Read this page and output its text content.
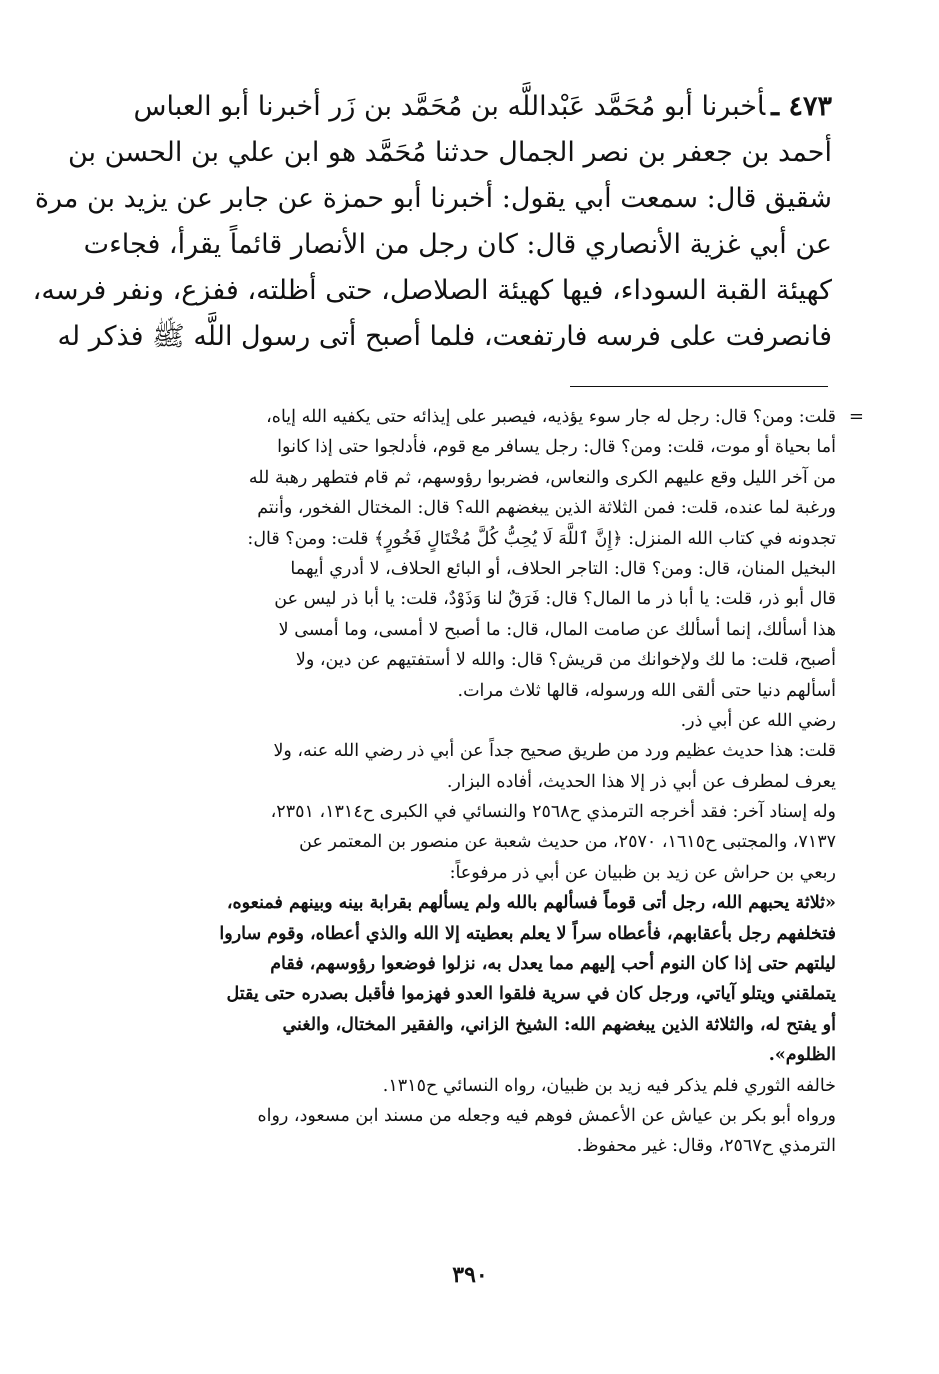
٤٧٣ ـأخبرنا أبو مُحَمَّد عَبْداللَّه بن مُحَمَّد بن زَر أخبرنا أبو العباس
أحمد بن جعفر بن نصر الجمال حدثنا مُحَمَّد هو ابن علي بن الحسن بن
شقيق قال: سمعت أبي يقول: أخبرنا أبو حمزة عن جابر عن يزيد بن مرة
عن أبي غزية الأنصاري قال: كان رجل من الأنصار قائماً يقرأ، فجاءت
كهيئة القبة السوداء، فيها كهيئة الصلاصل، حتى أظلته، ففزع، ونفر فرسه،
فانصرفت على فرسه فارتفعت، فلما أصبح أتى رسول اللَّه ﷺ فذكر له
=
قلت: ومن؟ قال: رجل له جار سوء يؤذيه، فيصبر على إيذائه حتى يكفيه الله إياه،
أما بحياة أو موت، قلت: ومن؟ قال: رجل يسافر مع قوم، فأدلجوا حتى إذا كانوا
من آخر الليل وقع عليهم الكرى والنعاس، فضربوا رؤوسهم، ثم قام فتطهر رهبة لله
ورغبة لما عنده، قلت: فمن الثلاثة الذين يبغضهم الله؟ قال: المختال الفخور، وأنتم
تجدونه في كتاب الله المنزل: ﴿إِنَّ ٱللَّهَ لَا يُحِبُّ كُلَّ مُخْتَالٍ فَخُورٍ﴾ قلت: ومن؟ قال:
البخيل المنان، قال: ومن؟ قال: التاجر الحلاف، أو البائع الحلاف، لا أدري أيهما
قال أبو ذر، قلت: يا أبا ذر ما المال؟ قال: فَرَقٌ لنا وَذَوْدٌ، قلت: يا أبا ذر ليس عن
هذا أسألك، إنما أسألك عن صامت المال، قال: ما أصبح لا أمسى، وما أمسى لا
أصبح، قلت: ما لك ولإخوانك من قريش؟ قال: والله لا أستفتيهم عن دين، ولا
أسألهم دنيا حتى ألقى الله ورسوله، قالها ثلاث مرات.
رضي الله عن أبي ذر.
قلت: هذا حديث عظيم ورد من طريق صحيح جداً عن أبي ذر رضي الله عنه، ولا
يعرف لمطرف عن أبي ذر إلا هذا الحديث، أفاده البزار.
وله إسناد آخر: فقد أخرجه الترمذي ح٢٥٦٨ والنسائي في الكبرى ح١٣١٤، ٢٣٥١،
٧١٣٧، والمجتبى ح١٦١٥، ٢٥٧٠، من حديث شعبة عن منصور بن المعتمر عن
ربعي بن حراش عن زيد بن ظبيان عن أبي ذر مرفوعاً:
«ثلاثة يحبهم الله، رجل أتى قوماً فسألهم بالله ولم يسألهم بقرابة بينه وبينهم فمنعوه،
فتخلفهم رجل بأعقابهم، فأعطاه سراً لا يعلم بعطيته إلا الله والذي أعطاه، وقوم ساروا
ليلتهم حتى إذا كان النوم أحب إليهم مما يعدل به، نزلوا فوضعوا رؤوسهم، فقام
يتملقني ويتلو آياتي، ورجل كان في سرية فلقوا العدو فهزموا فأقبل بصدره حتى يقتل
أو يفتح له، والثلاثة الذين يبغضهم الله: الشيخ الزاني، والفقير المختال، والغني
الظلوم».
خالفه الثوري فلم يذكر فيه زيد بن ظبيان، رواه النسائي ح١٣١٥.
ورواه أبو بكر بن عياش عن الأعمش فوهم فيه وجعله من مسند ابن مسعود، رواه
الترمذي ح٢٥٦٧، وقال: غير محفوظ.
٣٩٠
